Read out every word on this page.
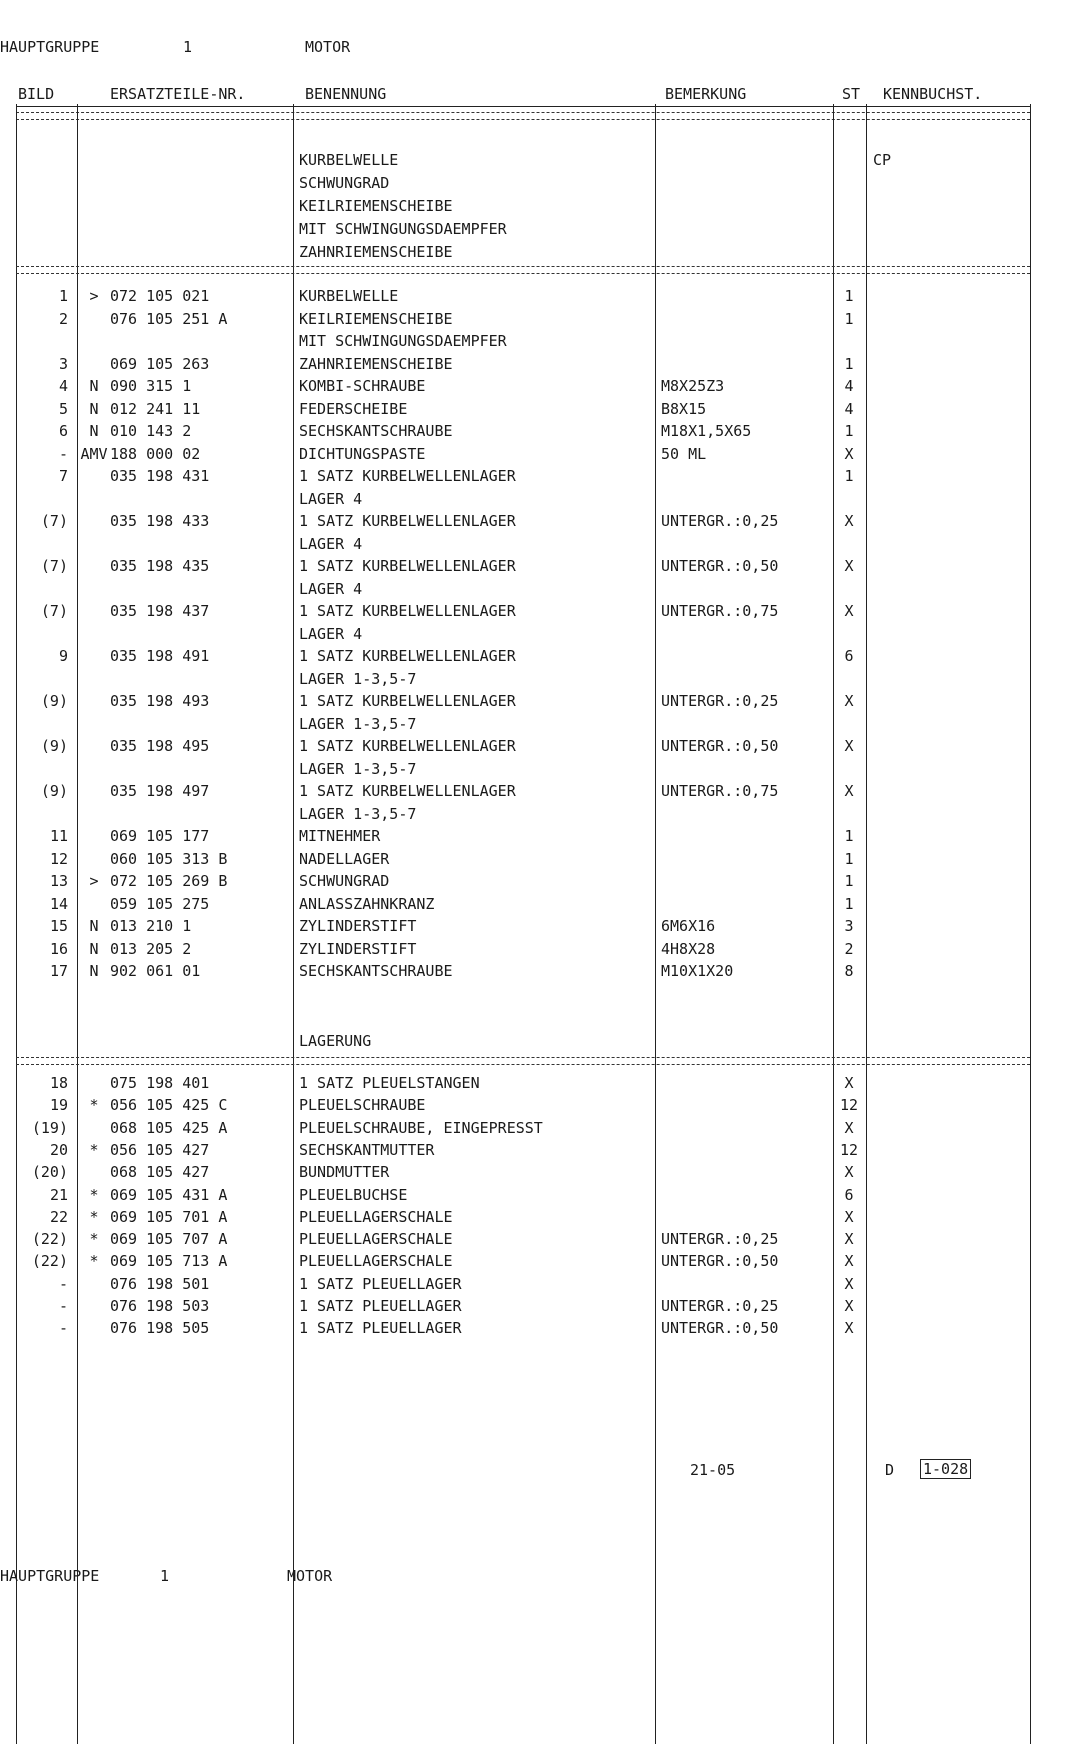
HAUPTGRUPPE	1	MOTOR
BILD	ERSATZTEILE-NR.	BENENNUNG	BEMERKUNG	ST KENNBUCHST.
KURBELWELLE
SCHWUNGRAD
KEILRIEMENSCHEIBE
MIT SCHWINGUNGSDAEMPFER
ZAHNRIEMENSCHEIBE
CP
1	> 072 105 021	KURBELWELLE	1
2	076 105 251 A	KEILRIEMENSCHEIBE	1
MIT SCHWINGUNGSDAEMPFER
3	069 105 263	ZAHNRIEMENSCHEIBE	1
4	N 090 315 1	KOMBI-SCHRAUBE	M8X25Z3	4
5	N 012 241 11	FEDERSCHEIBE	B8X15	4
6	N 010 143 2	SECHSKANTSCHRAUBE	M18X1,5X65	1
- AMV 188 000 02	DICHTUNGSPASTE	50 ML	X
7	035 198 431	1 SATZ KURBELWELLENLAGER	1
LAGER 4
(7)	035 198 433	1 SATZ KURBELWELLENLAGER	UNTERGR.:0,25	X
LAGER 4
(7)	035 198 435	1 SATZ KURBELWELLENLAGER	UNTERGR.:0,50	X
LAGER 4
(7)	035 198 437	1 SATZ KURBELWELLENLAGER	UNTERGR.:0,75	X
LAGER 4
9	035 198 491	1 SATZ KURBELWELLENLAGER	6
LAGER 1-3,5-7
(9)	035 198 493	1 SATZ KURBELWELLENLAGER	UNTERGR.:0,25	X
LAGER 1-3,5-7
(9)	035 198 495	1 SATZ KURBELWELLENLAGER	UNTERGR.:0,50	X
LAGER 1-3,5-7
(9)	035 198 497	1 SATZ KURBELWELLENLAGER	UNTERGR.:0,75	X
LAGER 1-3,5-7
11	069 105 177	MITNEHMER	1
12	060 105 313 B	NADELLAGER	1
13	> 072 105 269 B	SCHWUNGRAD	1
14	059 105 275	ANLASSZAHNKRANZ	1
15	N 013 210 1	ZYLINDERSTIFT	6M6X16	3
16	N 013 205 2	ZYLINDERSTIFT	4H8X28	2
17	N 902 061 01	SECHSKANTSCHRAUBE	M10X1X20	8
LAGERUNG
18	075 198 401	1 SATZ PLEUELSTANGEN	X
19	* 056 105 425 C	PLEUELSCHRAUBE	12
(19)	068 105 425 A	PLEUELSCHRAUBE, EINGEPRESST	X
20	* 056 105 427	SECHSKANTMUTTER	12
(20)	068 105 427	BUNDMUTTER	X
21	* 069 105 431 A	PLEUELBUCHSE	6
22	* 069 105 701 A	PLEUELLAGERSCHALE	X
(22)	* 069 105 707 A	PLEUELLAGERSCHALE	UNTERGR.:0,25	X
(22)	* 069 105 713 A	PLEUELLAGERSCHALE	UNTERGR.:0,50	X
-	076 198 501	1 SATZ PLEUELLAGER	X
-	076 198 503	1 SATZ PLEUELLAGER	UNTERGR.:0,25	X
-	076 198 505	1 SATZ PLEUELLAGER	UNTERGR.:0,50	X
21-05	D 1-028
HAUPTGRUPPE	1	MOTOR
